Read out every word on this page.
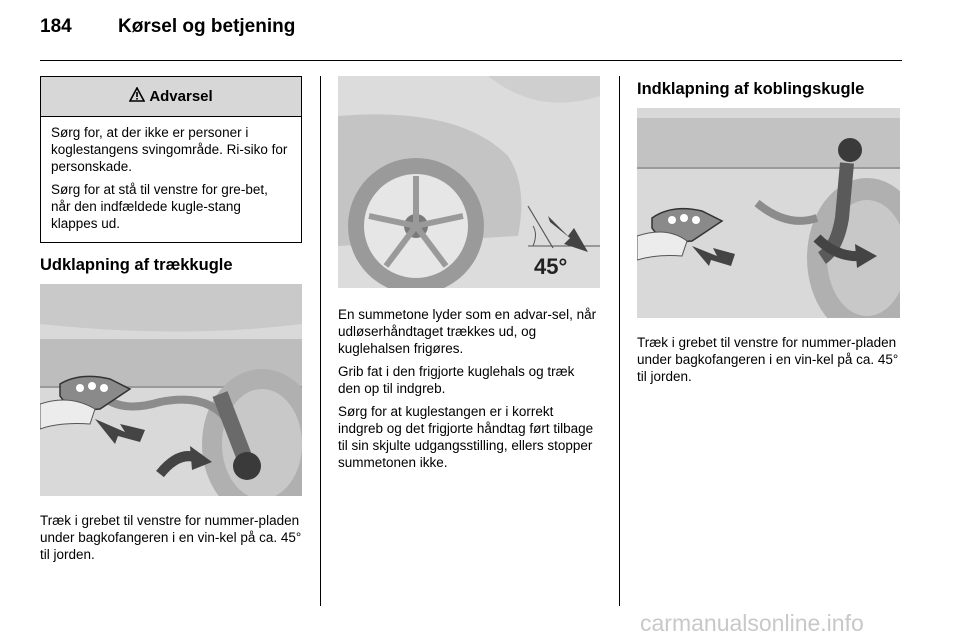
184 Kørsel og betjening
Advarsel

Sørg for, at der ikke er personer i koglestangens svingområde. Ri-siko for personskade.

Sørg for at stå til venstre for gre-bet, når den indfældede kugle-stang klappes ud.

Udklapning af trækkugle

Træk i grebet til venstre for nummer-pladen under bagkofangeren i en vin-kel på ca. 45° til jorden.

45°

En summetone lyder som en advar-sel, når udløserhåndtaget trækkes ud, og kuglehalsen frigøres.

Grib fat i den frigjorte kuglehals og træk den op til indgreb.

Sørg for at kuglestangen er i korrekt indgreb og det frigjorte håndtag ført tilbage til sin skjulte udgangsstilling, ellers stopper summetonen ikke.

Indklapning af koblingskugle

Træk i grebet til venstre for nummer-pladen under bagkofangeren i en vin-kel på ca. 45° til jorden.

carmanualsonline.info
